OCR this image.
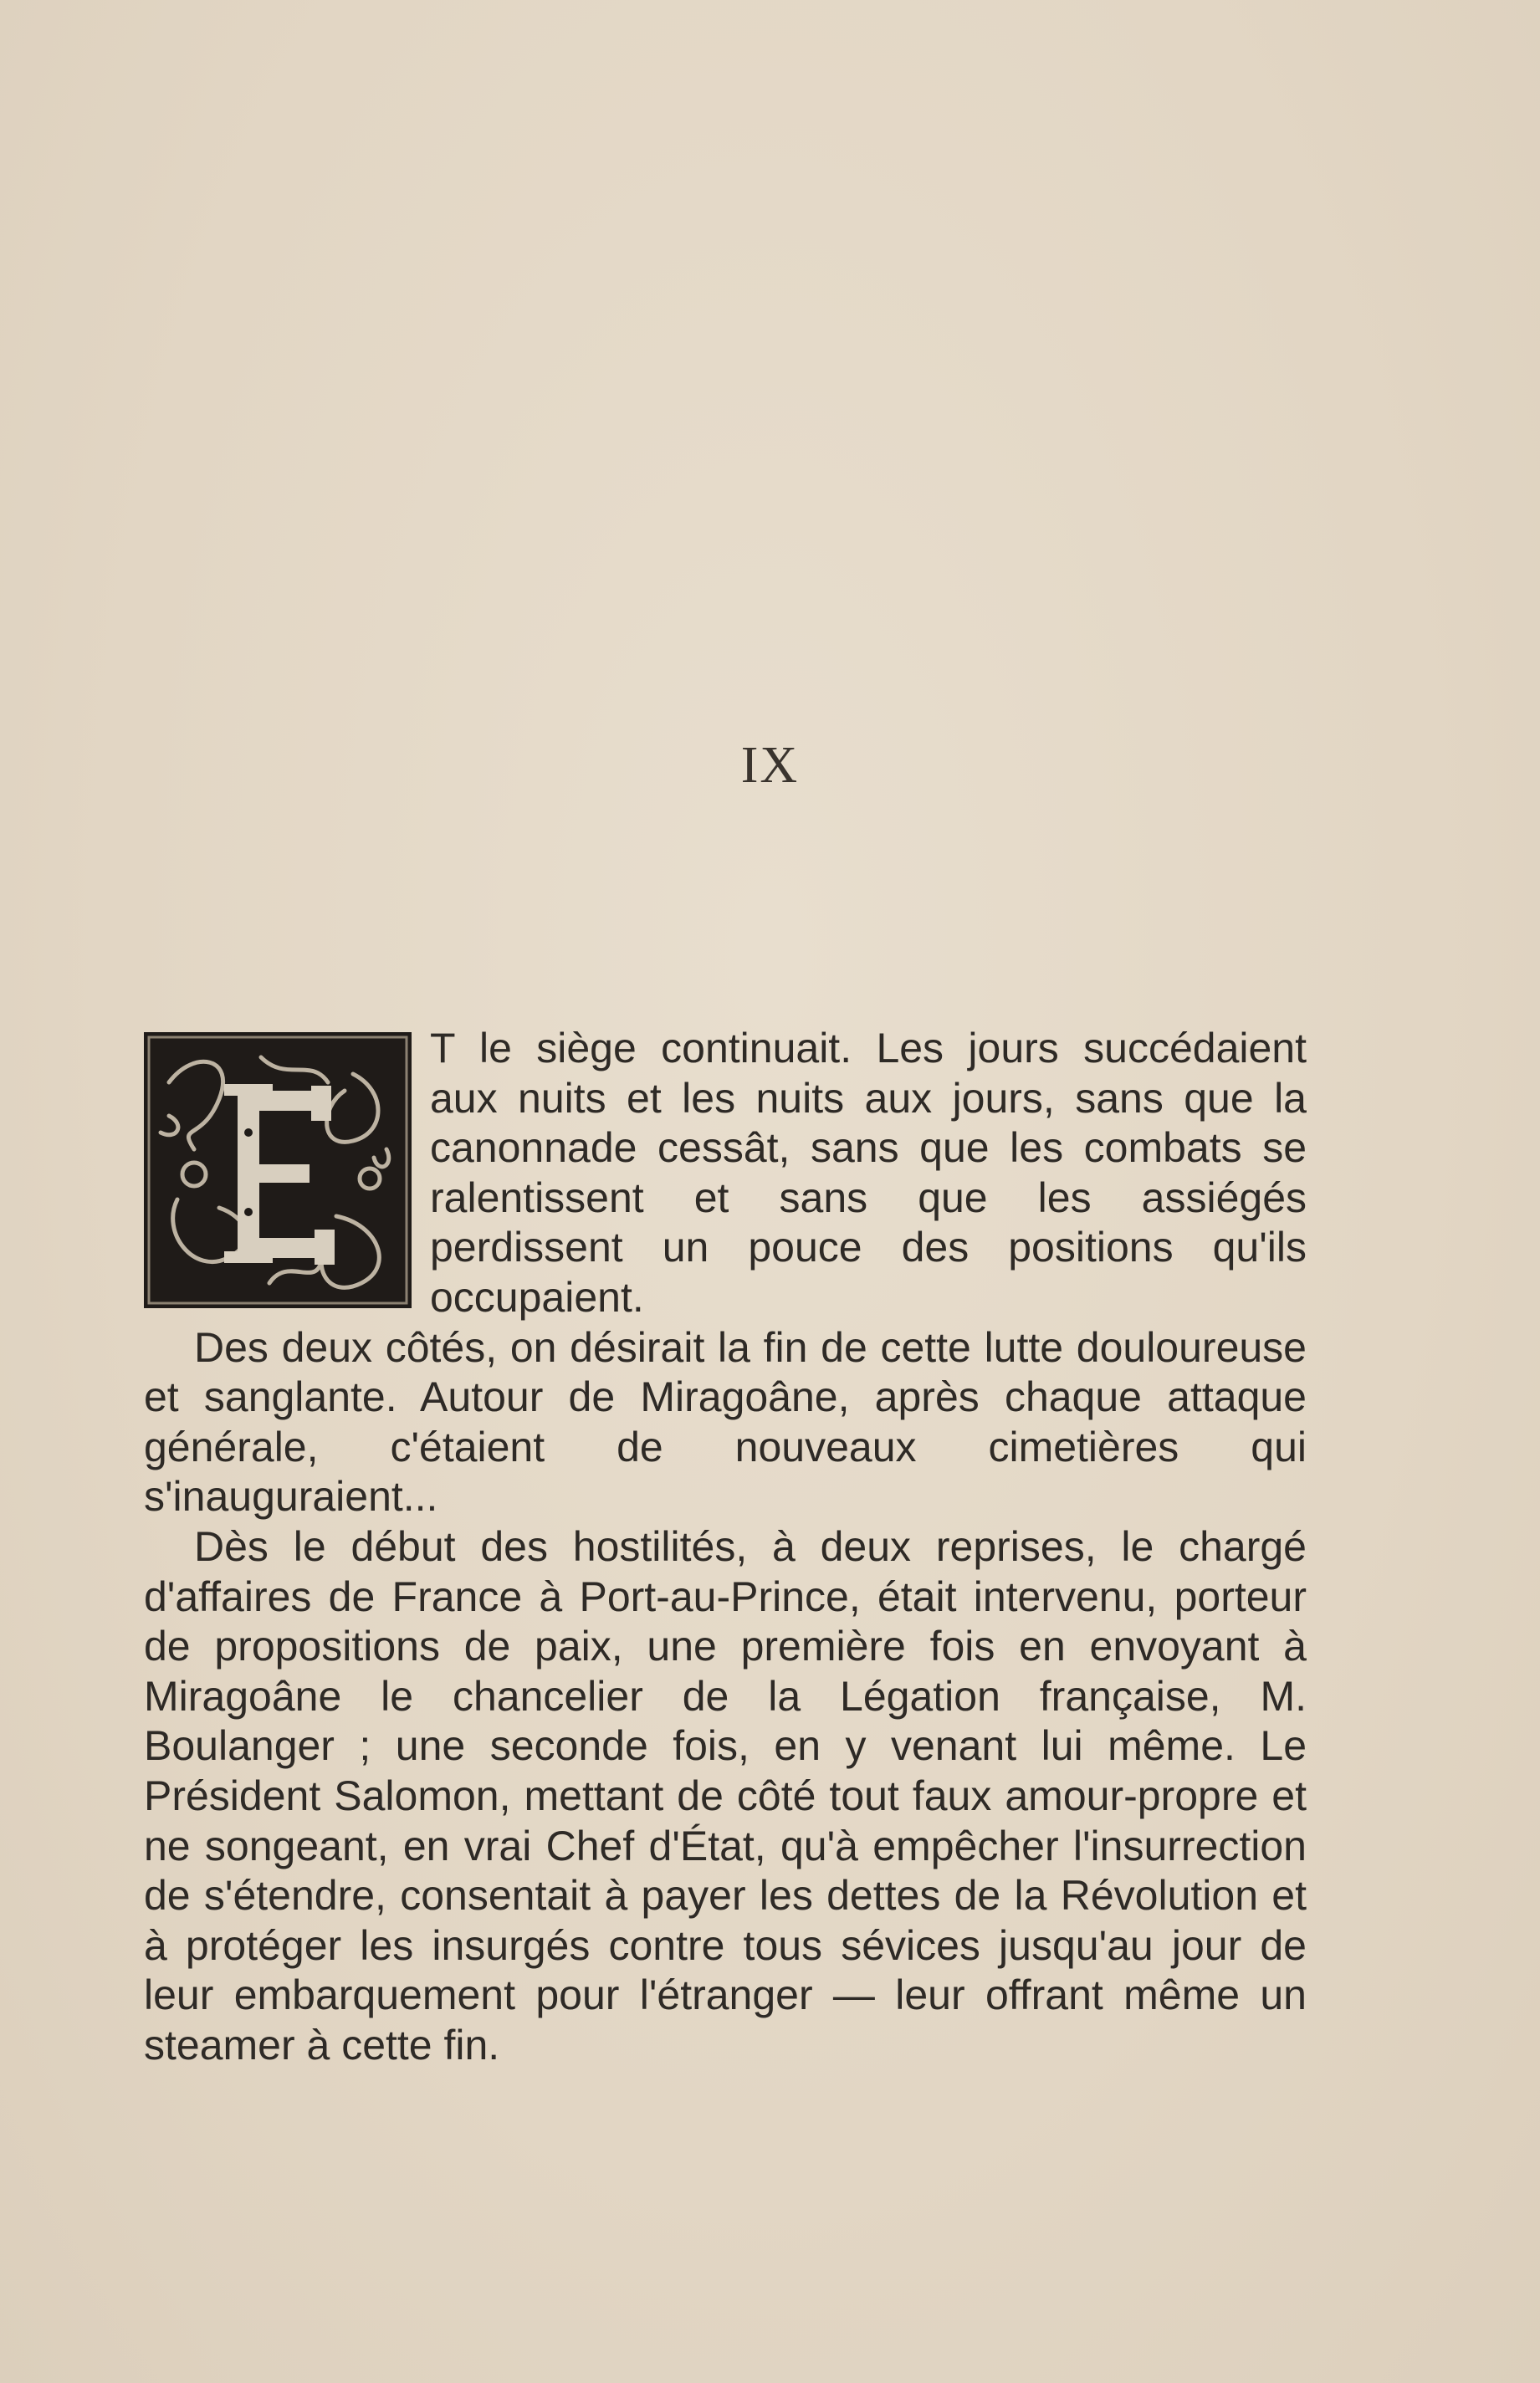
IX

T le siège continuait. Les jours succédaient aux nuits et les nuits aux jours, sans que la canonnade cessât, sans que les combats se ralentissent et sans que les assiégés perdissent un pouce des positions qu'ils occupaient.

Des deux côtés, on désirait la fin de cette lutte douloureuse et sanglante. Autour de Miragoâne, après chaque attaque générale, c'étaient de nouveaux cimetières qui s'inauguraient...

Dès le début des hostilités, à deux reprises, le chargé d'affaires de France à Port-au-Prince, était intervenu, porteur de propositions de paix, une première fois en envoyant à Miragoâne le chancelier de la Légation française, M. Boulanger ; une seconde fois, en y venant lui même. Le Président Salomon, mettant de côté tout faux amour-propre et ne songeant, en vrai Chef d'État, qu'à empêcher l'insurrection de s'étendre, consentait à payer les dettes de la Révolution et à protéger les insurgés contre tous sévices jusqu'au jour de leur embarquement pour l'étranger — leur offrant même un steamer à cette fin.
